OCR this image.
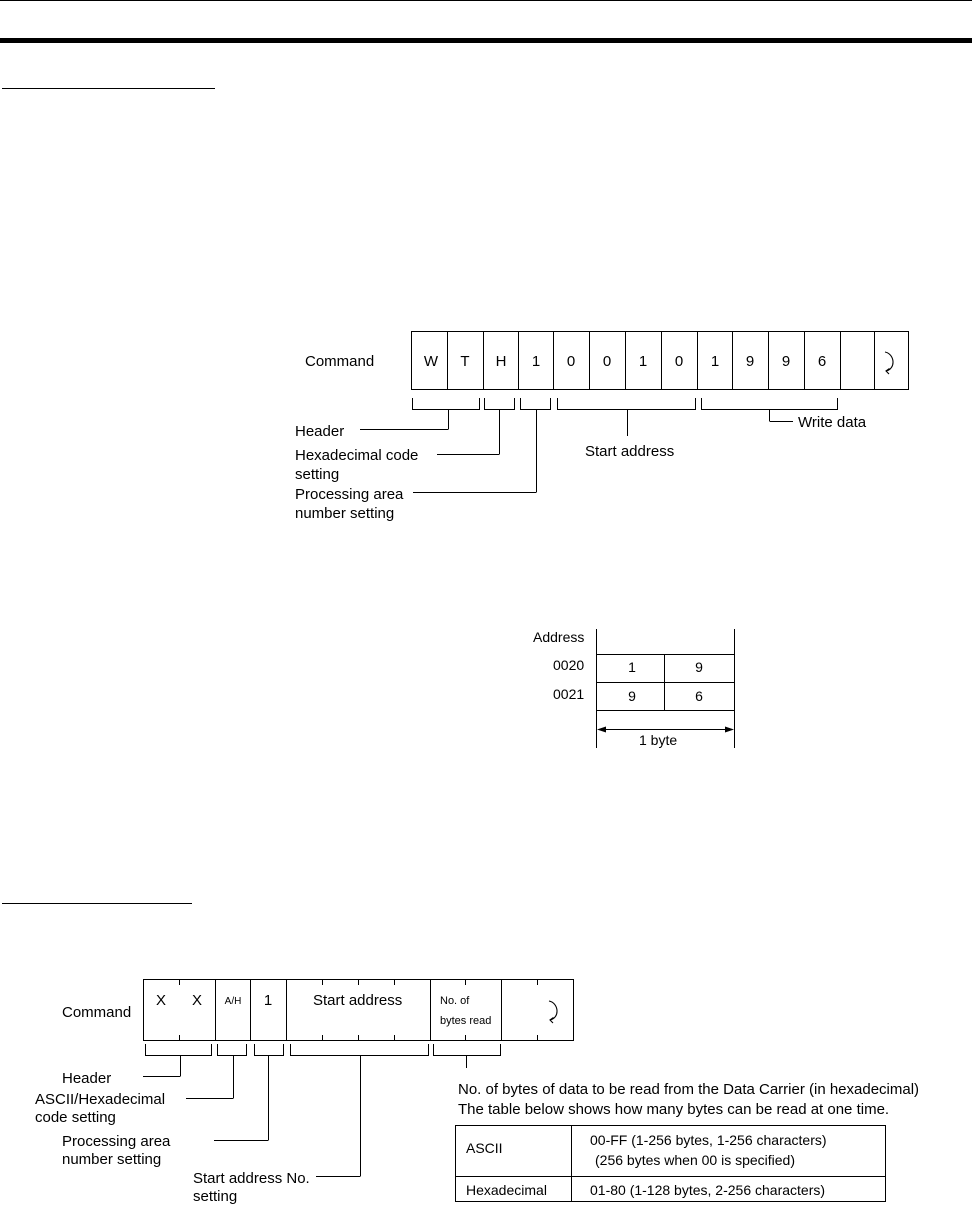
Command	W T H	1	0	0	1	0	1	9	9	6
Header
Hexadecimal code
setting
Processing area
number setting
Start address
Write data
Address
0020	1	9
0021	9	6
1 byte
Command
X X	A/H	1	Start address	No. of
bytes read
Header
ASCII/Hexadecimal
code setting
Processing area
number setting
Start address No.
setting
No. of bytes of data to be read from the Data Carrier (in hexadecimal)
The table below shows how many bytes can be read at one time.
ASCII	00-FF (1-256 bytes, 1-256 characters)
(256 bytes when 00 is specified)
Hexadecimal	01-80 (1-128 bytes, 2-256 characters)
